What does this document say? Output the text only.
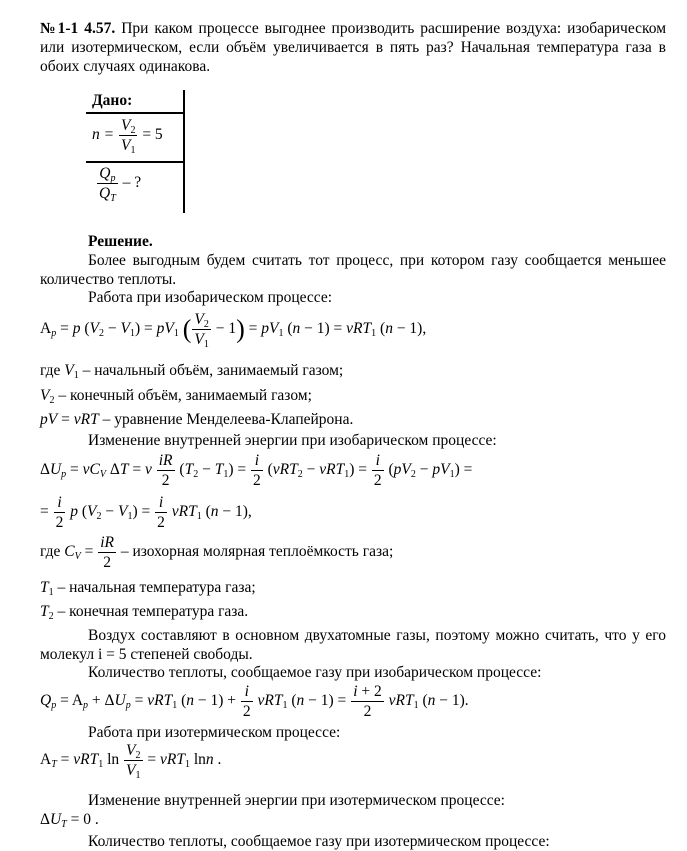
№1-1 4.57. При каком процессе выгоднее производить расширение воздуха: изобарическом или изотермическом, если объём увеличивается в пять раз? Начальная температура газа в обоих случаях одинакова.
Дано:
$n = \frac{V_2}{V_1} = 5$
$\frac{Q_p}{Q_T}$ – ?
Решение.
Более выгодным будем считать тот процесс, при котором газу сообщается меньшее количество теплоты.
Работа при изобарическом процессе:
$A_p = p$ $(V_2 - V_1) = pV_1$ ( $\frac{V_2}{V_1} - 1) = pV_1$ (n − 1) = νRT$_1$ (n − 1),
где $V_1$ – начальный объём, занимаемый газом;
$V_2$ – конечный объём, занимаемый газом;
pV = νRT – уравнение Менделеева-Клапейрона.
Изменение внутренней энергии при изобарическом процессе:
$\Delta U_p = \nu C_V$ ΔT = ν $\frac{iR}{2} (T_2 - T_1) = \frac{i}{2} (\nu RT_2 - \nu RT_1) = \frac{i}{2} (pV_2 - pV_1)$ =
= $\frac{i}{2}$ p $(V_2 - V_1) = \frac{i}{2} \nu RT_1$ (n − 1),
где $C_V = \frac{iR}{2}$ – изохорная молярная теплоёмкость газа;
$T_1$ – начальная температура газа;
$T_2$ – конечная температура газа.
Воздух составляют в основном двухатомные газы, поэтому можно считать, что у его молекул i = 5 степеней свободы.
Количество теплоты, сообщаемое газу при изобарическом процессе:
$Q_p = A_p + \Delta U_p = \nu RT_1$ $(n - 1) + \frac{i}{2} \nu RT_1$ $(n - 1) = \frac{i + 2}{2} \nu RT_1$ (n − 1).
Работа при изотермическом процессе:
$A_T = \nu RT_1$ $\ln \frac{V_2}{V_1} = \nu RT_1$ lnn .
Изменение внутренней энергии при изотермическом процессе:
$\Delta U_T = 0$ .
Количество теплоты, сообщаемое газу при изотермическом процессе:
